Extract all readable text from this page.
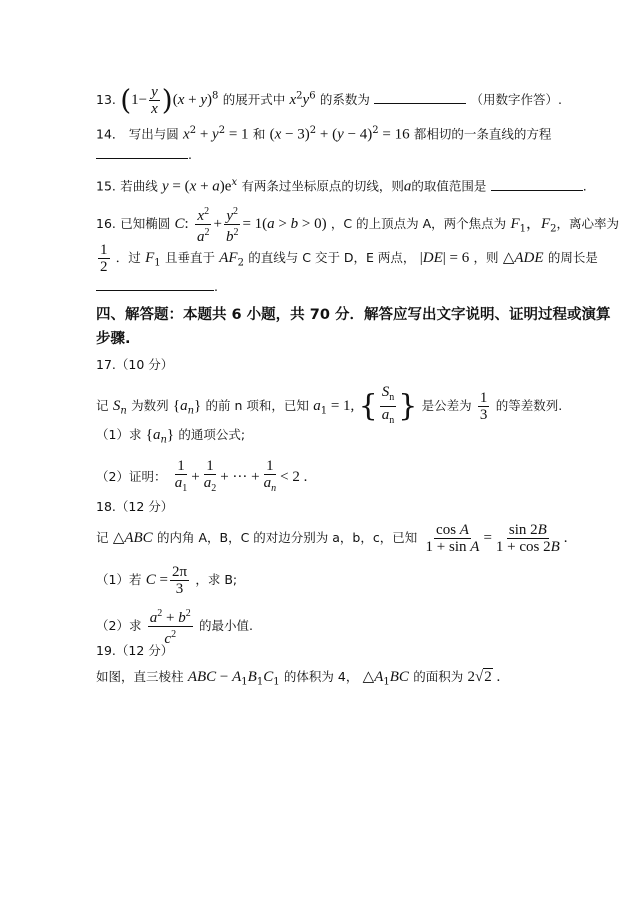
13. $(1- \frac{y}{x} )(x + y)^8$ 的展开式中 $x^2y^6$ 的系数为	（用数字作答）.
14． 写出与圆 $x^2 + y^2 = 1$ 和 $(x - 3)^2 + (y - 4)^2 = 16$ 都相切的一条直线的方程
.
15. 若曲线 $y = (x + a)e^x$ 有两条过坐标原点的切线，则a的取值范围是	.
16. 已知椭圆 C: $\frac{x^2}{a^2} + \frac{y^2}{b^2} = 1(a > b > 0)$ ，C 的上顶点为 A，两个焦点为 $F_1$，$F_2$，离心率为
$\frac{1}{2}$ ．过 $F_1$ 且垂直于 $AF_2$ 的直线与 C 交于 D，E 两点， |DE| = 6 ，则 △ADE 的周长是
.
四、解答题：本题共 6 小题，共 70 分．解答应写出文字说明、证明过程或演算
步骤.
17.（10 分）
记 $S_n$ 为数列 $\{a_n\}$ 的前 n 项和，已知 $a_1 = 1$, { $\frac{S_n}{a_n}$ } 是公差为 $\frac{1}{3}$ 的等差数列.
（1）求 $\{a_n\}$ 的通项公式;
（2）证明： $\frac{1}{a_1} + \frac{1}{a_2}$ + ··· + $\frac{1}{a_n} < 2$ .
18.（12 分）
记 △ABC 的内角 A，B，C 的对边分别为 a，b，c，已知 $\frac{\text{cos A}}{\text{1 + sin A}} = \frac{\sin 2B}{1 + \cos 2B}$ .
（1）若 $C = \frac{2\pi}{3}$ ，求 B;
（2）求 $\frac{a^2 + b^2}{c^2}$ 的最小值.
19.（12 分）
如图，直三棱柱 ABC − $A_1B_1C_1$ 的体积为 4， $\triangle A_1BC$ 的面积为 2√2 .
